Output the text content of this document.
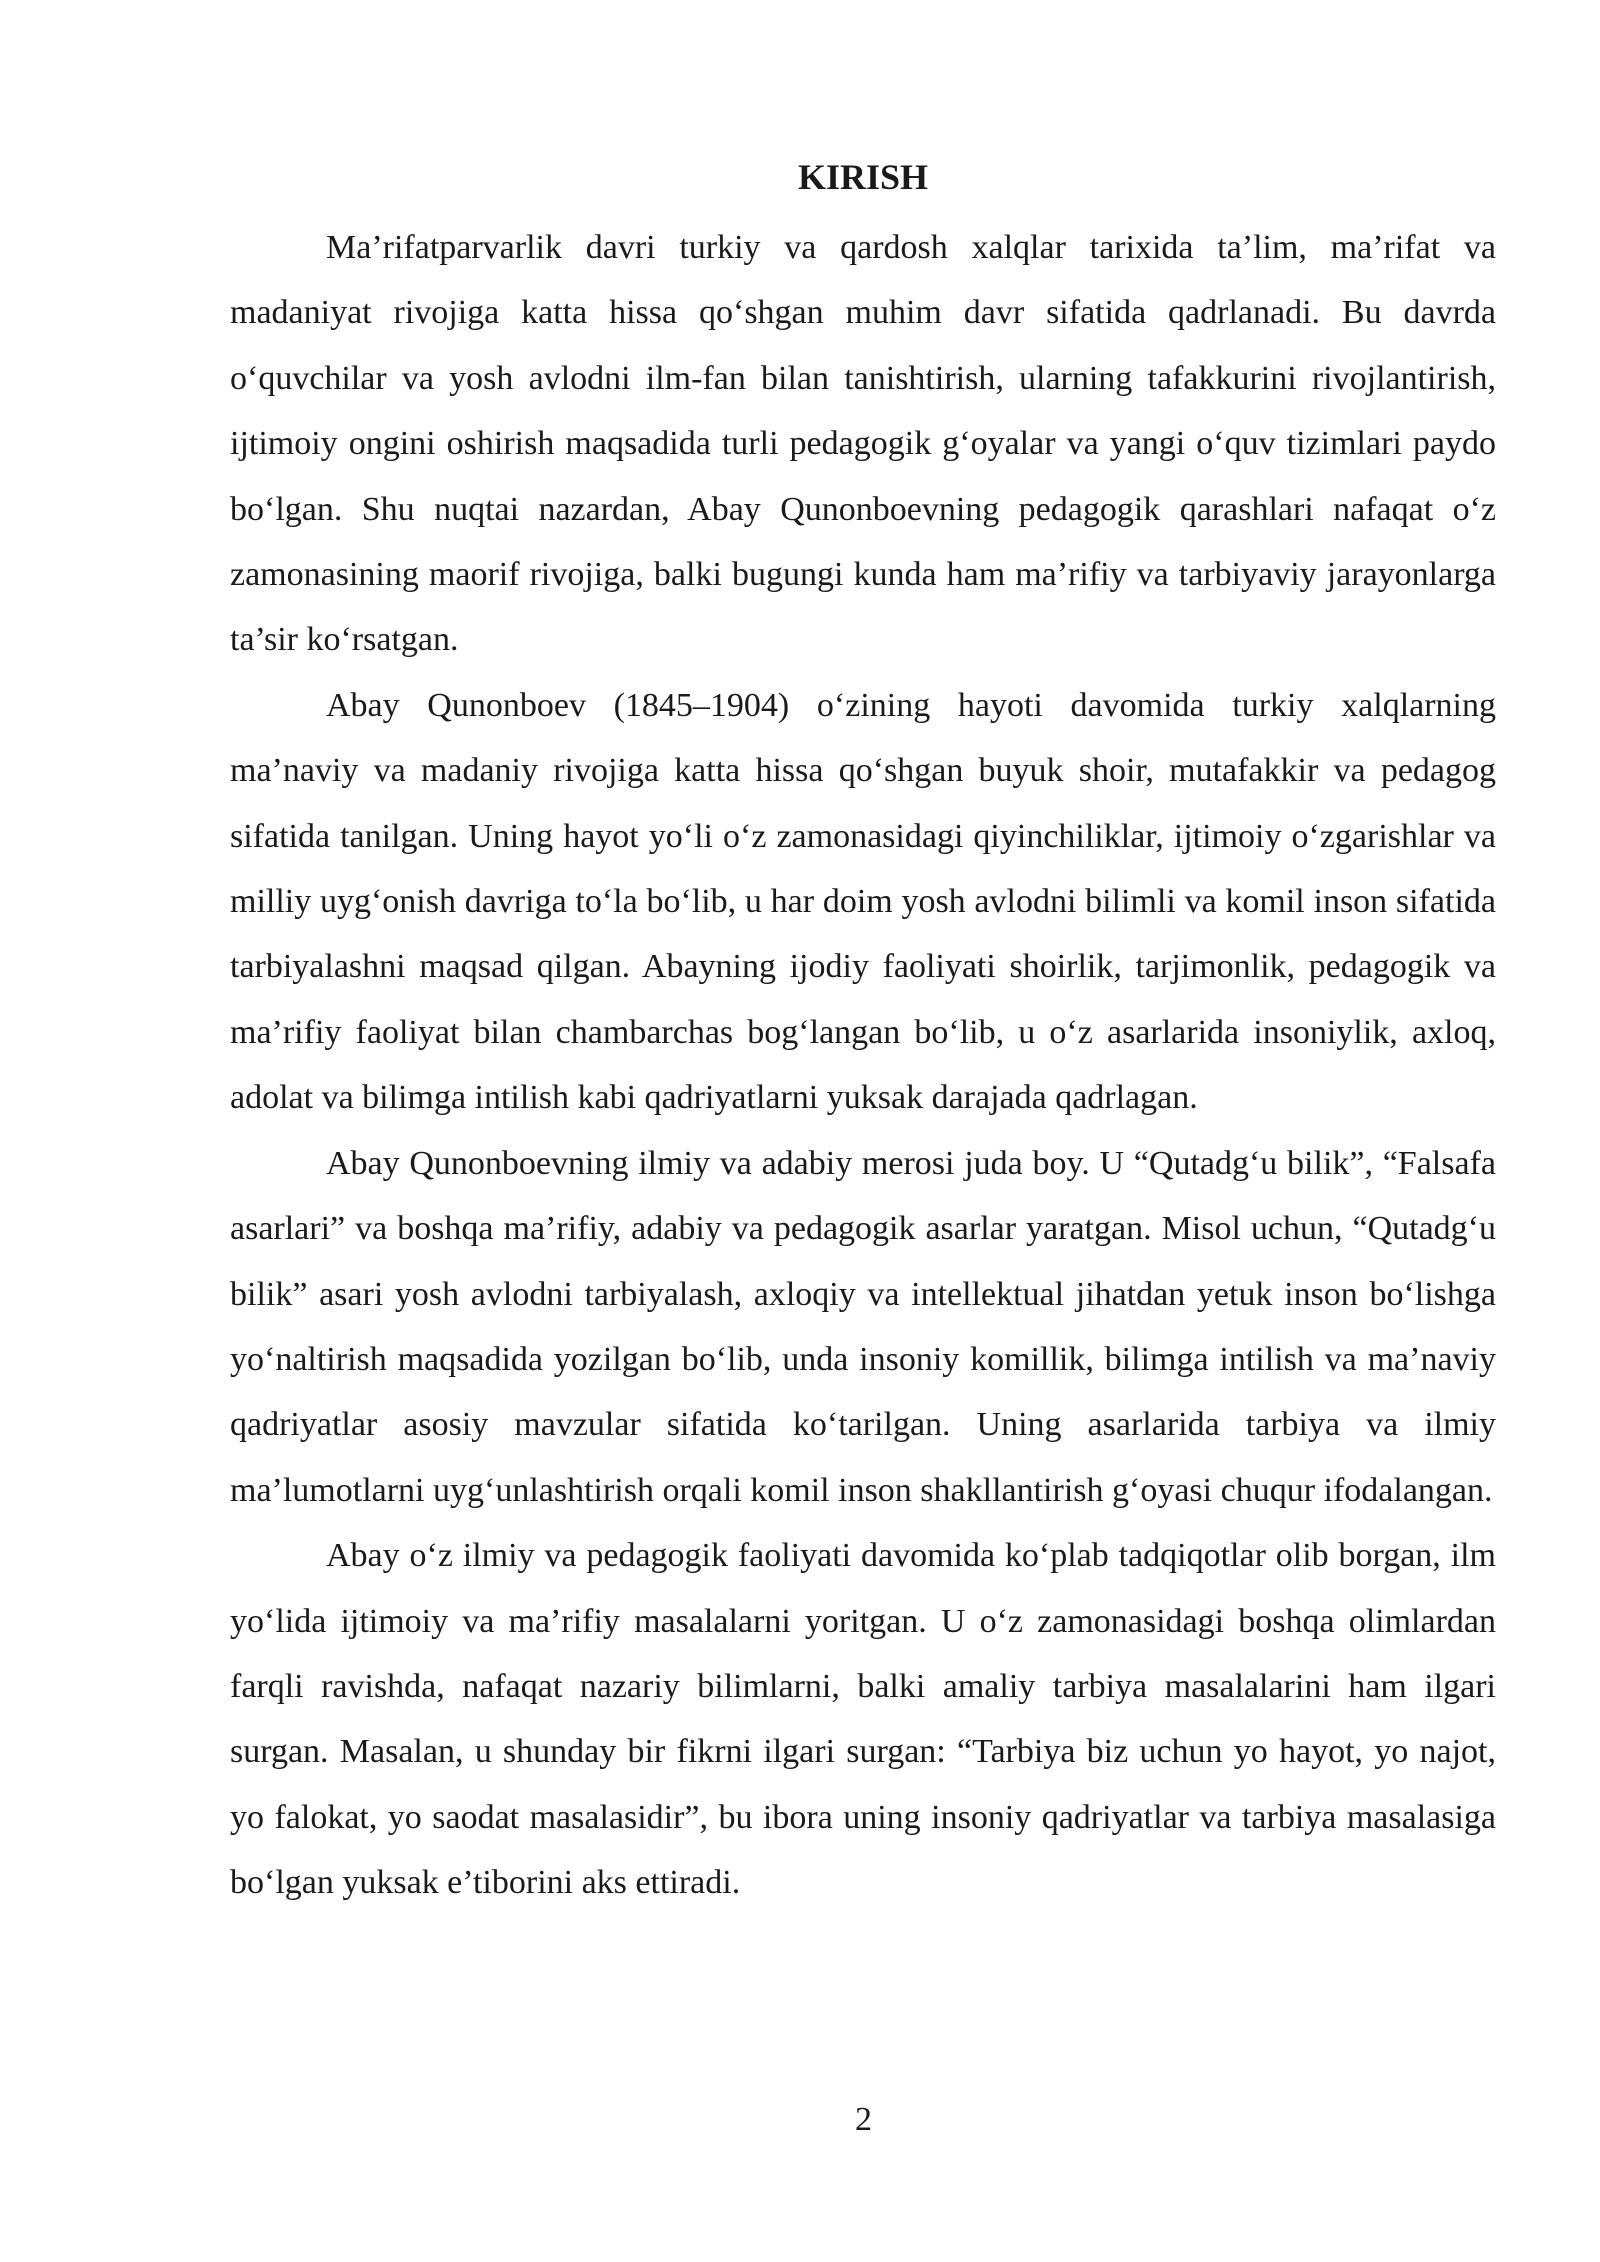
KIRISH

Ma’rifatparvarlik davri turkiy va qardosh xalqlar tarixida ta’lim, ma’rifat va madaniyat rivojiga katta hissa qo‘shgan muhim davr sifatida qadrlanadi. Bu davrda o‘quvchilar va yosh avlodni ilm-fan bilan tanishtirish, ularning tafakkurini rivojlantirish, ijtimoiy ongini oshirish maqsadida turli pedagogik g‘oyalar va yangi o‘quv tizimlari paydo bo‘lgan. Shu nuqtai nazardan, Abay Qunonboevning pedagogik qarashlari nafaqat o‘z zamonasining maorif rivojiga, balki bugungi kunda ham ma’rifiy va tarbiyaviy jarayonlarga ta’sir ko‘rsatgan.

Abay Qunonboev (1845–1904) o‘zining hayoti davomida turkiy xalqlarning ma’naviy va madaniy rivojiga katta hissa qo‘shgan buyuk shoir, mutafakkir va pedagog sifatida tanilgan. Uning hayot yo‘li o‘z zamonasidagi qiyinchiliklar, ijtimoiy o‘zgarishlar va milliy uyg‘onish davriga to‘la bo‘lib, u har doim yosh avlodni bilimli va komil inson sifatida tarbiyalashni maqsad qilgan. Abayning ijodiy faoliyati shoirlik, tarjimonlik, pedagogik va ma’rifiy faoliyat bilan chambarchas bog‘langan bo‘lib, u o‘z asarlarida insoniylik, axloq, adolat va bilimga intilish kabi qadriyatlarni yuksak darajada qadrlagan.

Abay Qunonboevning ilmiy va adabiy merosi juda boy. U “Qutadg‘u bilik”, “Falsafa asarlari” va boshqa ma’rifiy, adabiy va pedagogik asarlar yaratgan. Misol uchun, “Qutadg‘u bilik” asari yosh avlodni tarbiyalash, axloqiy va intellektual jihatdan yetuk inson bo‘lishga yo‘naltirish maqsadida yozilgan bo‘lib, unda insoniy komillik, bilimga intilish va ma’naviy qadriyatlar asosiy mavzular sifatida ko‘tarilgan. Uning asarlarida tarbiya va ilmiy ma’lumotlarni uyg‘unlashtirish orqali komil inson shakllantirish g‘oyasi chuqur ifodalangan.

Abay o‘z ilmiy va pedagogik faoliyati davomida ko‘plab tadqiqotlar olib borgan, ilm yo‘lida ijtimoiy va ma’rifiy masalalarni yoritgan. U o‘z zamonasidagi boshqa olimlardan farqli ravishda, nafaqat nazariy bilimlarni, balki amaliy tarbiya masalalarini ham ilgari surgan. Masalan, u shunday bir fikrni ilgari surgan: “Tarbiya biz uchun yo hayot, yo najot, yo falokat, yo saodat masalasidir”, bu ibora uning insoniy qadriyatlar va tarbiya masalasiga bo‘lgan yuksak e’tiborini aks ettiradi.

2
